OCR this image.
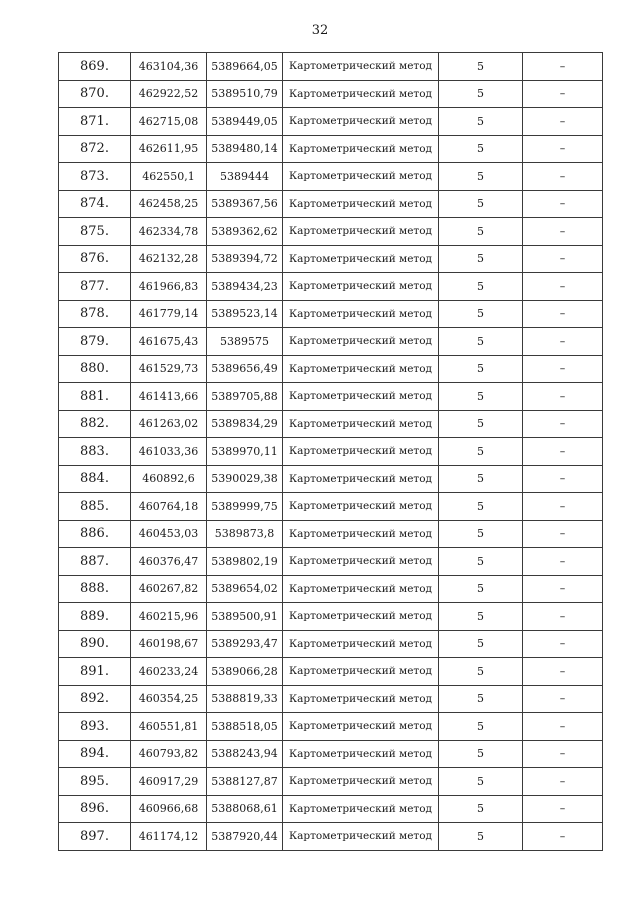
32
869.	463104,36	5389664,05	Картометрический метод	5	–
870.	462922,52	5389510,79	Картометрический метод	5	–
871.	462715,08	5389449,05	Картометрический метод	5	–
872.	462611,95	5389480,14	Картометрический метод	5	–
873.	462550,1	5389444	Картометрический метод	5	–
874.	462458,25	5389367,56	Картометрический метод	5	–
875.	462334,78	5389362,62	Картометрический метод	5	–
876.	462132,28	5389394,72	Картометрический метод	5	–
877.	461966,83	5389434,23	Картометрический метод	5	–
878.	461779,14	5389523,14	Картометрический метод	5	–
879.	461675,43	5389575	Картометрический метод	5	–
880.	461529,73	5389656,49	Картометрический метод	5	–
881.	461413,66	5389705,88	Картометрический метод	5	–
882.	461263,02	5389834,29	Картометрический метод	5	–
883.	461033,36	5389970,11	Картометрический метод	5	–
884.	460892,6	5390029,38	Картометрический метод	5	–
885.	460764,18	5389999,75	Картометрический метод	5	–
886.	460453,03	5389873,8	Картометрический метод	5	–
887.	460376,47	5389802,19	Картометрический метод	5	–
888.	460267,82	5389654,02	Картометрический метод	5	–
889.	460215,96	5389500,91	Картометрический метод	5	–
890.	460198,67	5389293,47	Картометрический метод	5	–
891.	460233,24	5389066,28	Картометрический метод	5	–
892.	460354,25	5388819,33	Картометрический метод	5	–
893.	460551,81	5388518,05	Картометрический метод	5	–
894.	460793,82	5388243,94	Картометрический метод	5	–
895.	460917,29	5388127,87	Картометрический метод	5	–
896.	460966,68	5388068,61	Картометрический метод	5	–
897.	461174,12	5387920,44	Картометрический метод	5	–
